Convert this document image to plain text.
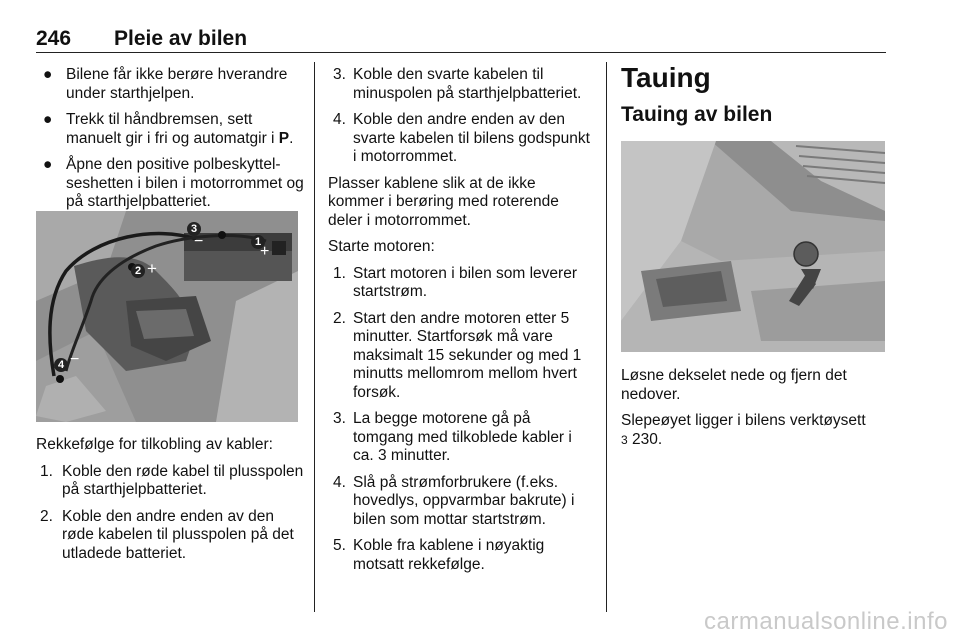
246 Pleie av bilen
● Bilene får ikke berøre hverandre under starthjelpen.
● Trekk til håndbremsen, sett manuelt gir i fri og automatgir i P.
● Åpne den positive polbeskyttelseshetten i bilen i motorrommet og på starthjelpbatteriet.
3
−	1
+
2 +
4 −

Rekkefølge for tilkobling av kabler:

1. Koble den røde kabel til plusspolen på starthjelpbatteriet.
2. Koble den andre enden av den røde kabelen til plusspolen på det utladede batteriet.
3. Koble den svarte kabelen til minuspolen på starthjelpbatteriet.
4. Koble den andre enden av den svarte kabelen til bilens godspunkt i motorrommet.

Plasser kablene slik at de ikke kommer i berøring med roterende deler i motorrommet.

Starte motoren:

1. Start motoren i bilen som leverer startstrøm.
2. Start den andre motoren etter 5 minutter. Startforsøk må vare maksimalt 15 sekunder og med 1 minutts mellomrom mellom hvert forsøk.
3. La begge motorene gå på tomgang med tilkoblede kabler i ca. 3 minutter.
4. Slå på strømforbrukere (f.eks. hovedlys, oppvarmbar bakrute) i bilen som mottar startstrøm.
5. Koble fra kablene i nøyaktig motsatt rekkefølge.
Tauing
Tauing av bilen

Løsne dekselet nede og fjern det nedover.

Slepeøyet ligger i bilens verktøysett
3 230.

carmanualsonline.info
